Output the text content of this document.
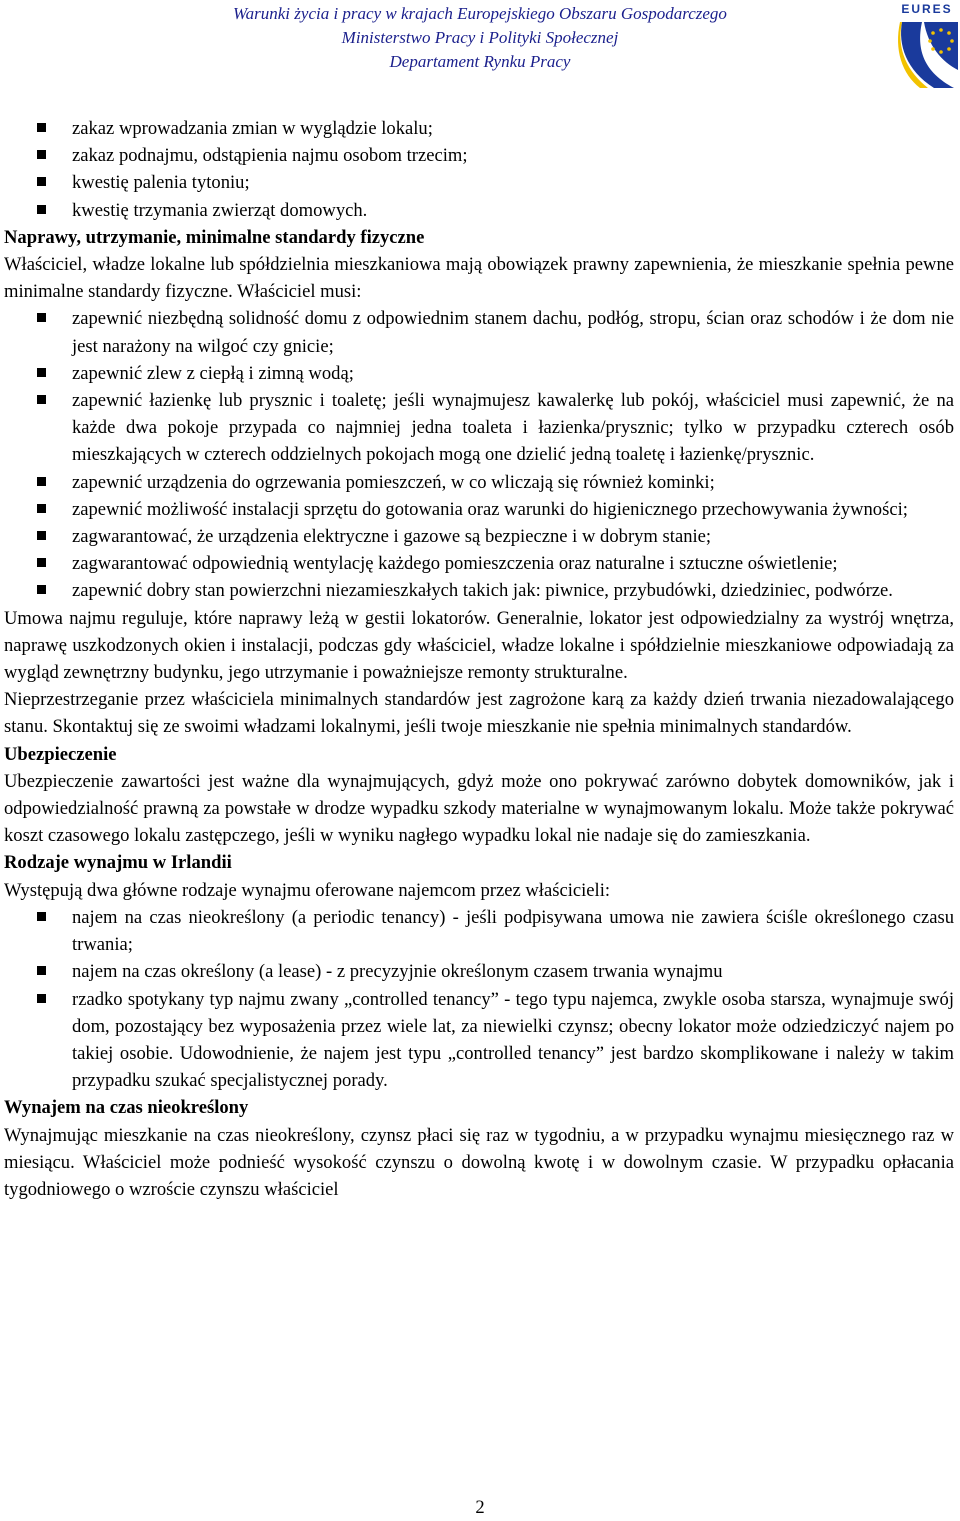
Warunki życia i pracy w krajach Europejskiego Obszaru Gospodarczego
Ministerstwo Pracy i Polityki Społecznej
Departament Rynku Pracy
EURES
zakaz wprowadzania zmian w wyglądzie lokalu;
zakaz podnajmu, odstąpienia najmu osobom trzecim;
kwestię palenia tytoniu;
kwestię trzymania zwierząt domowych.

Naprawy, utrzymanie, minimalne standardy fizyczne

Właściciel, władze lokalne lub spółdzielnia mieszkaniowa mają obowiązek prawny zapewnienia, że mieszkanie spełnia pewne minimalne standardy fizyczne. Właściciel musi:

zapewnić niezbędną solidność domu z odpowiednim stanem dachu, podłóg, stropu, ścian oraz schodów i że dom nie jest narażony na wilgoć czy gnicie;
zapewnić zlew z ciepłą i zimną wodą;
zapewnić łazienkę lub prysznic i toaletę; jeśli wynajmujesz kawalerkę lub pokój, właściciel musi zapewnić, że na każde dwa pokoje przypada co najmniej jedna toaleta i łazienka/prysznic; tylko w przypadku czterech osób mieszkających w czterech oddzielnych pokojach mogą one dzielić jedną toaletę i łazienkę/prysznic.
zapewnić urządzenia do ogrzewania pomieszczeń, w co wliczają się również kominki;
zapewnić możliwość instalacji sprzętu do gotowania oraz warunki do higienicznego przechowywania żywności;
zagwarantować, że urządzenia elektryczne i gazowe są bezpieczne i w dobrym stanie;
zagwarantować odpowiednią wentylację każdego pomieszczenia oraz naturalne i sztuczne oświetlenie;
zapewnić dobry stan powierzchni niezamieszkałych takich jak: piwnice, przybudówki, dziedziniec, podwórze.

Umowa najmu reguluje, które naprawy leżą w gestii lokatorów. Generalnie, lokator jest odpowiedzialny za wystrój wnętrza, naprawę uszkodzonych okien i instalacji, podczas gdy właściciel, władze lokalne i spółdzielnie mieszkaniowe odpowiadają za wygląd zewnętrzny budynku, jego utrzymanie i poważniejsze remonty strukturalne.

Nieprzestrzeganie przez właściciela minimalnych standardów jest zagrożone karą za każdy dzień trwania niezadowalającego stanu. Skontaktuj się ze swoimi władzami lokalnymi, jeśli twoje mieszkanie nie spełnia minimalnych standardów.

Ubezpieczenie

Ubezpieczenie zawartości jest ważne dla wynajmujących, gdyż może ono pokrywać zarówno dobytek domowników, jak i odpowiedzialność prawną za powstałe w drodze wypadku szkody materialne w wynajmowanym lokalu. Może także pokrywać koszt czasowego lokalu zastępczego, jeśli w wyniku nagłego wypadku lokal nie nadaje się do zamieszkania.

Rodzaje wynajmu w Irlandii

Występują dwa główne rodzaje wynajmu oferowane najemcom przez właścicieli:

najem na czas nieokreślony (a periodic tenancy) - jeśli podpisywana umowa nie zawiera ściśle określonego czasu trwania;
najem na czas określony (a lease) - z precyzyjnie określonym czasem trwania wynajmu
rzadko spotykany typ najmu zwany „controlled tenancy” - tego typu najemca, zwykle osoba starsza, wynajmuje swój dom, pozostający bez wyposażenia przez wiele lat, za niewielki czynsz; obecny lokator może odziedziczyć najem po takiej osobie. Udowodnienie, że najem jest typu „controlled tenancy” jest bardzo skomplikowane i należy w takim przypadku szukać specjalistycznej porady.

Wynajem na czas nieokreślony

Wynajmując mieszkanie na czas nieokreślony, czynsz płaci się raz w tygodniu, a w przypadku wynajmu miesięcznego raz w miesiącu. Właściciel może podnieść wysokość czynszu o dowolną kwotę i w dowolnym czasie. W przypadku opłacania tygodniowego o wzroście czynszu właściciel

2
